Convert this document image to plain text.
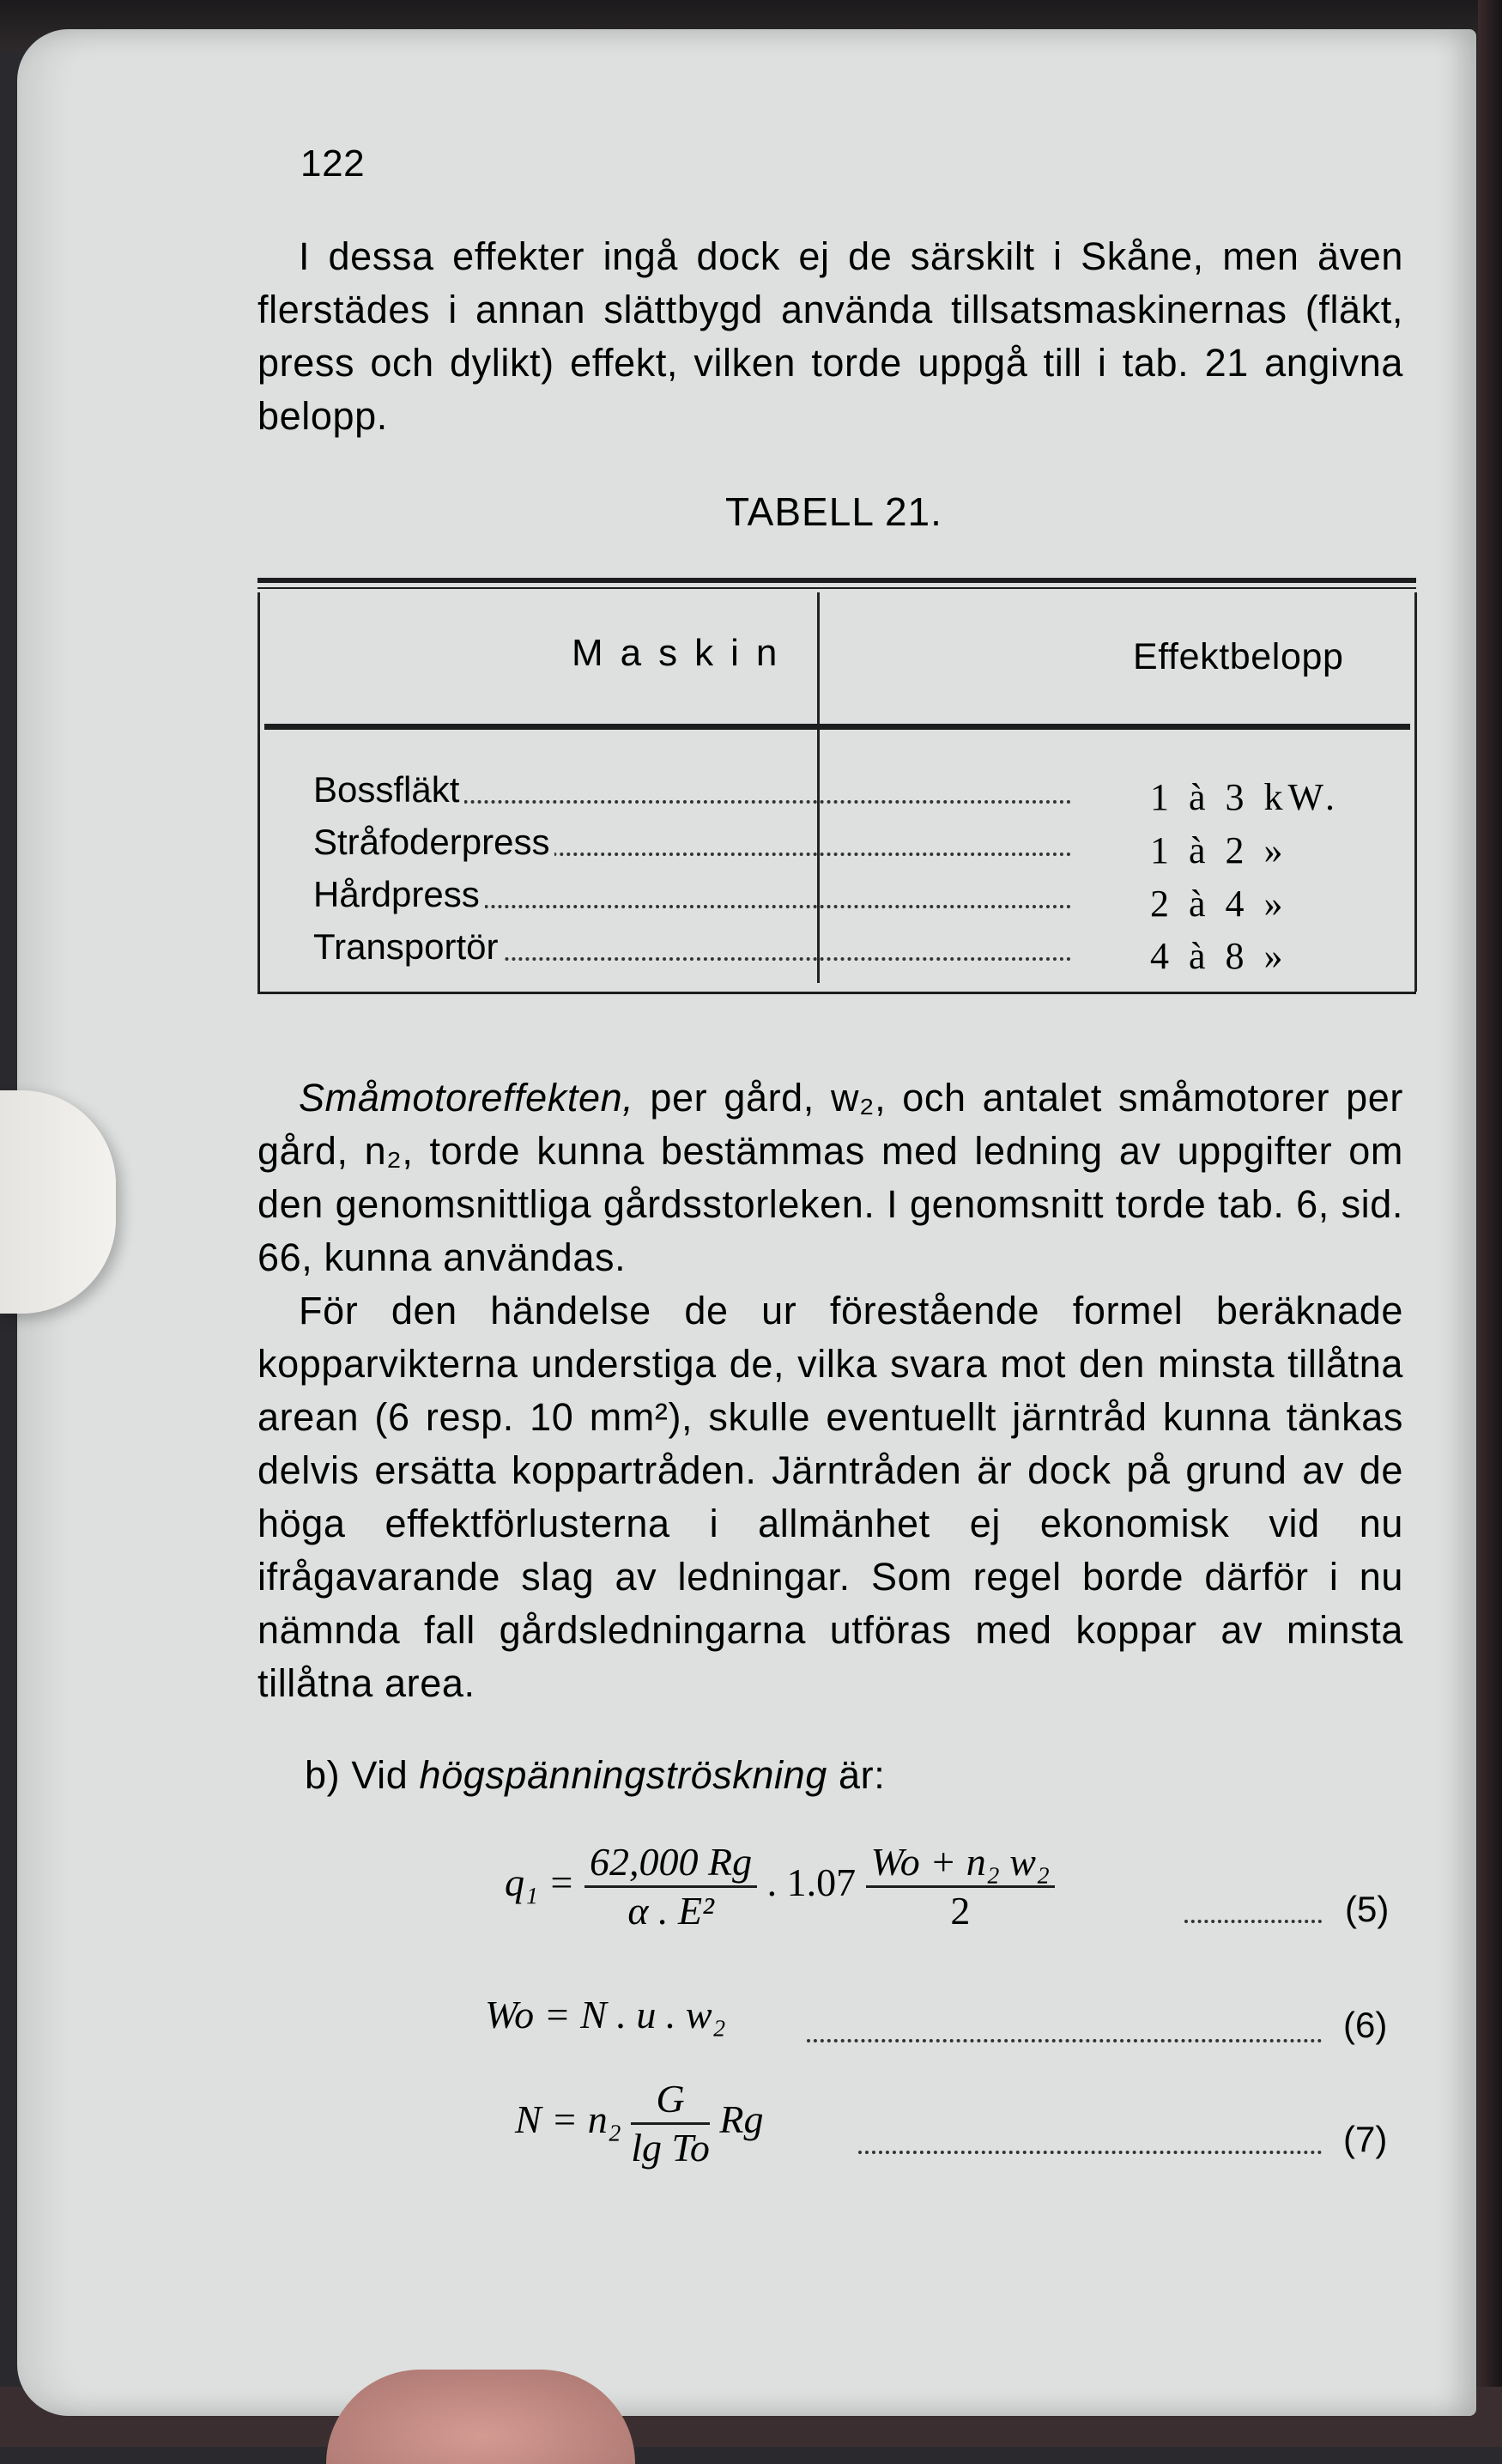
122

I dessa effekter ingå dock ej de särskilt i Skåne, men även flerstädes i annan slättbygd använda tillsatsmaskinernas (fläkt, press och dylikt) effekt, vilken torde uppgå till i tab. 21 angivna belopp.

TABELL 21.
Maskin	Effektbelopp
Bossfläkt	1 à 3 kW.
Stråfoderpress	1 à 2 »
Hårdpress	2 à 4 »
Transportör	4 à 8 »

Småmotoreffekten, per gård, w₂, och antalet småmotorer per gård, n₂, torde kunna bestämmas med ledning av uppgifter om den genomsnittliga gårdsstorleken. I genomsnitt torde tab. 6, sid. 66, kunna användas.

För den händelse de ur förestående formel beräknade kopparvikterna understiga de, vilka svara mot den minsta tillåtna arean (6 resp. 10 mm²), skulle eventuellt järntråd kunna tänkas delvis ersätta koppartråden. Järntråden är dock på grund av de höga effektförlusterna i allmänhet ej ekonomisk vid nu ifrågavarande slag av ledningar. Som regel borde därför i nu nämnda fall gårdsledningarna utföras med koppar av minsta tillåtna area.

b) Vid högspänningströskning är:
$q_1 = \frac{62,000 Rg}{\text{α . E²}}$ . $1.07 \frac{\text{Wo + n₂ w₂}}{2}$	(5)
Wo = N . u . w₂	(6)
$N = n_2 \frac{G}{\text{lg To}}$ Rg	(7)
